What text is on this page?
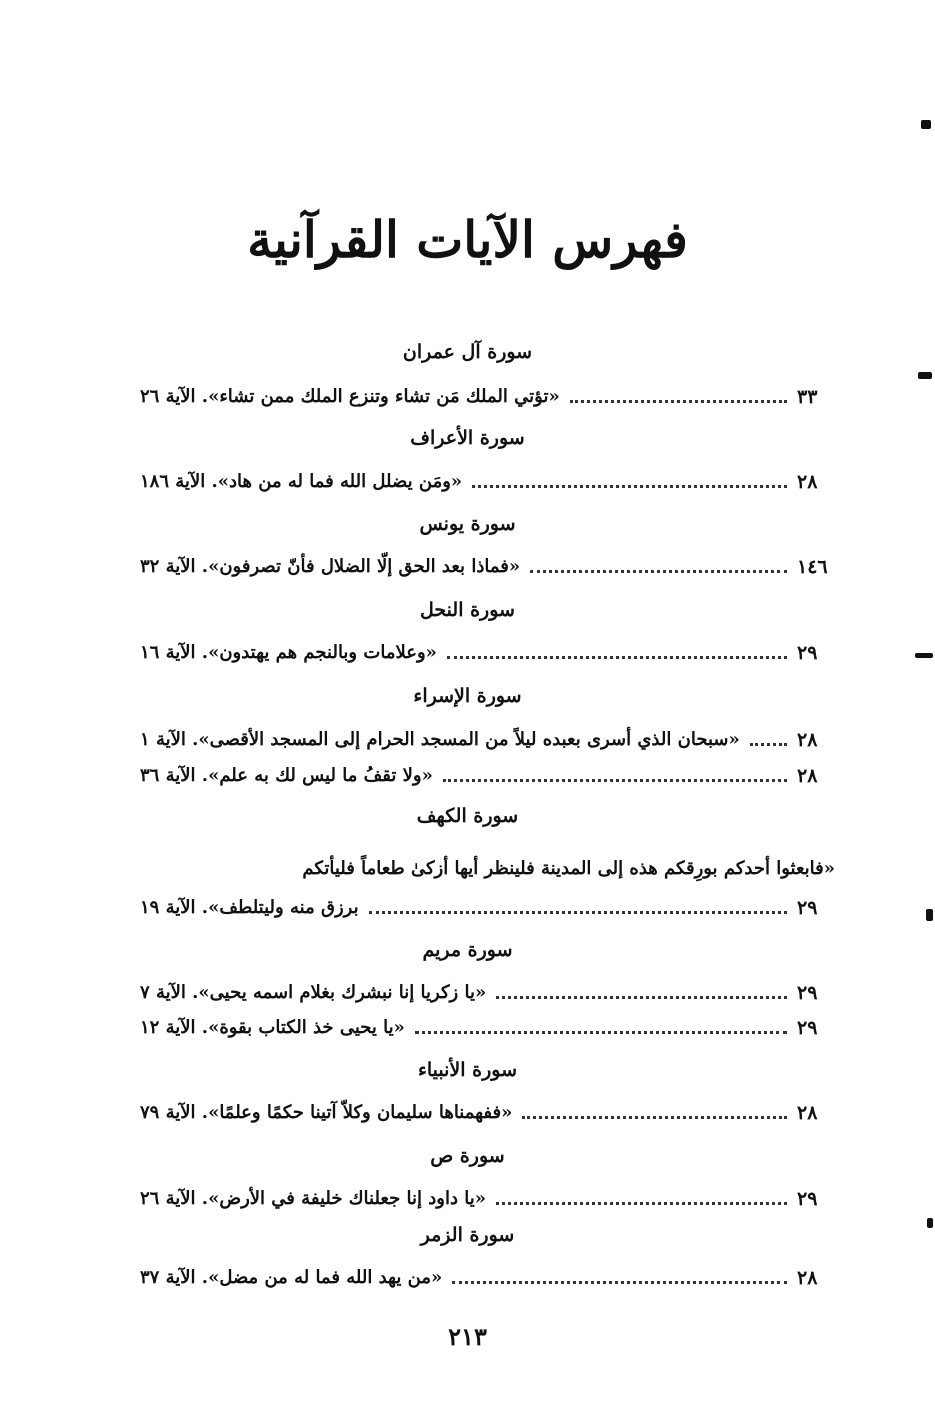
فهرس الآيات القرآنية
سورة آل عمران
«تؤتي الملك مَن تشاء وتنزع الملك ممن تشاء». الآية ٢٦	٣٣
سورة الأعراف
«ومَن يضلل الله فما له من هاد». الآية ١٨٦	٢٨
سورة يونس
«فماذا بعد الحق إلّا الضلال فأنّ تصرفون». الآية ٣٢	١٤٦
سورة النحل
«وعلامات وبالنجم هم يهتدون». الآية ١٦	٢٩
سورة الإسراء
«سبحان الذي أسرى بعبده ليلاً من المسجد الحرام إلى المسجد الأقصى». الآية ١	٢٨
«ولا تقفُ ما ليس لك به علم». الآية ٣٦	٢٨
سورة الكهف
«فابعثوا أحدكم بورِقكم هذه إلى المدينة فلينظر أيها أزكىٰ طعاماً فليأتكم
برزق منه وليتلطف». الآية ١٩	٢٩
سورة مريم
«يا زكريا إنا نبشرك بغلام اسمه يحيى». الآية ٧	٢٩
«يا يحيى خذ الكتاب بقوة». الآية ١٢	٢٩
سورة الأنبياء
«ففهمناها سليمان وكلاّ آتينا حكمًا وعلمًا». الآية ٧٩	٢٨
سورة ص
«يا داود إنا جعلناك خليفة في الأرض». الآية ٢٦	٢٩
سورة الزمر
«من يهد الله فما له من مضل». الآية ٣٧	٢٨
٢١٣
